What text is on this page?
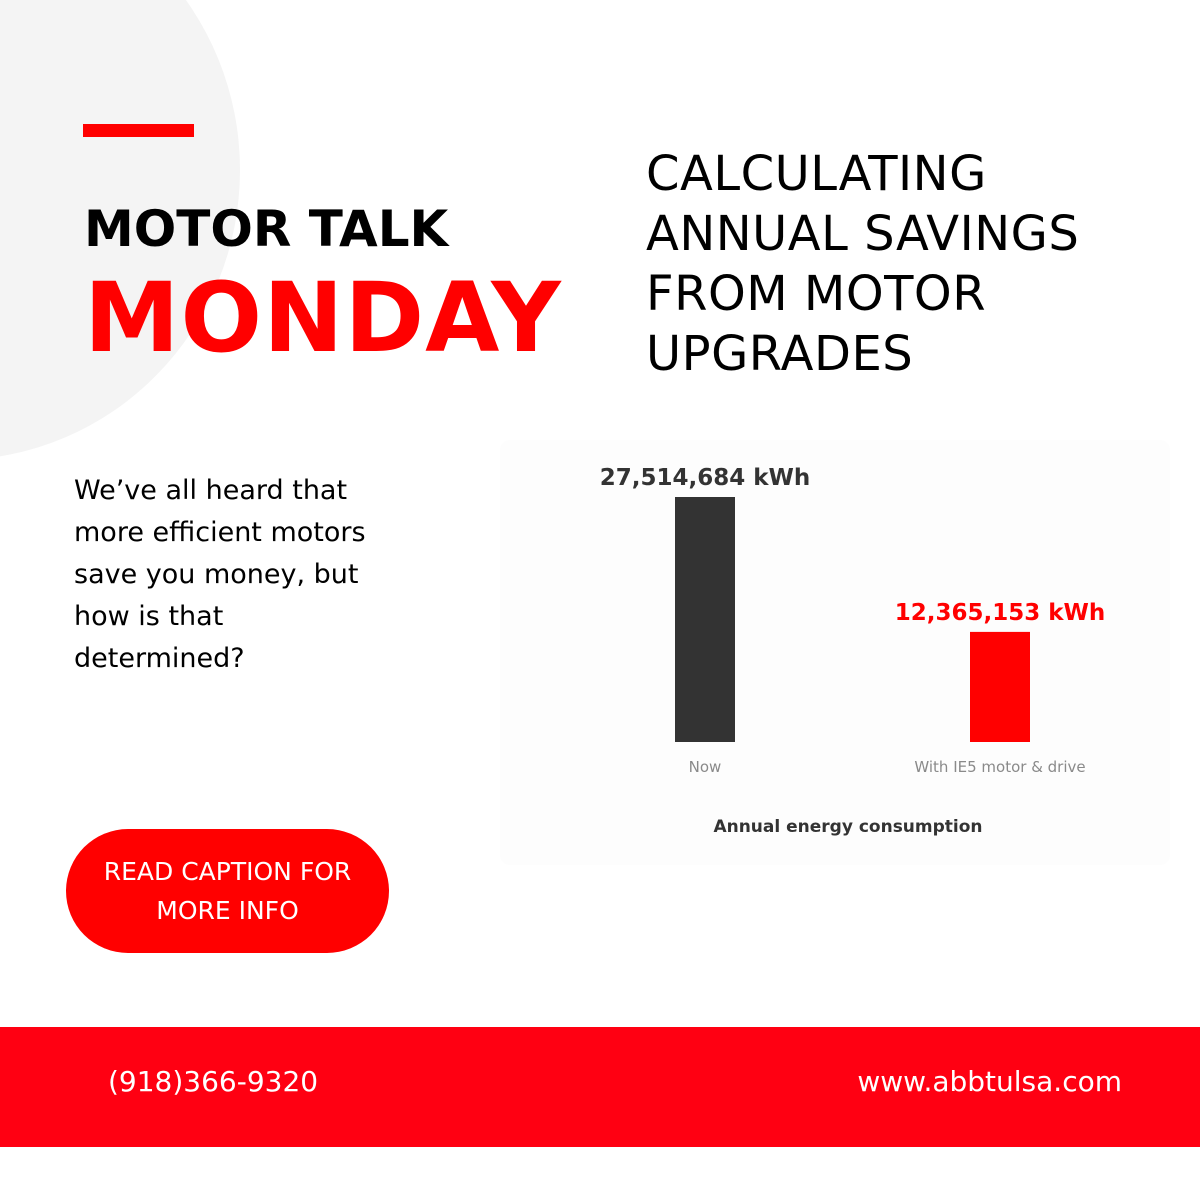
MOTOR TALK
MONDAY
CALCULATING
ANNUAL SAVINGS
FROM MOTOR
UPGRADES
We’ve all heard that more efficient motors save you money, but how is that determined?
READ CAPTION FOR
MORE INFO
27,514,684 kWh
Now
12,365,153 kWh
With IE5 motor & drive
Annual energy consumption
(918)366-9320	www.abbtulsa.com
